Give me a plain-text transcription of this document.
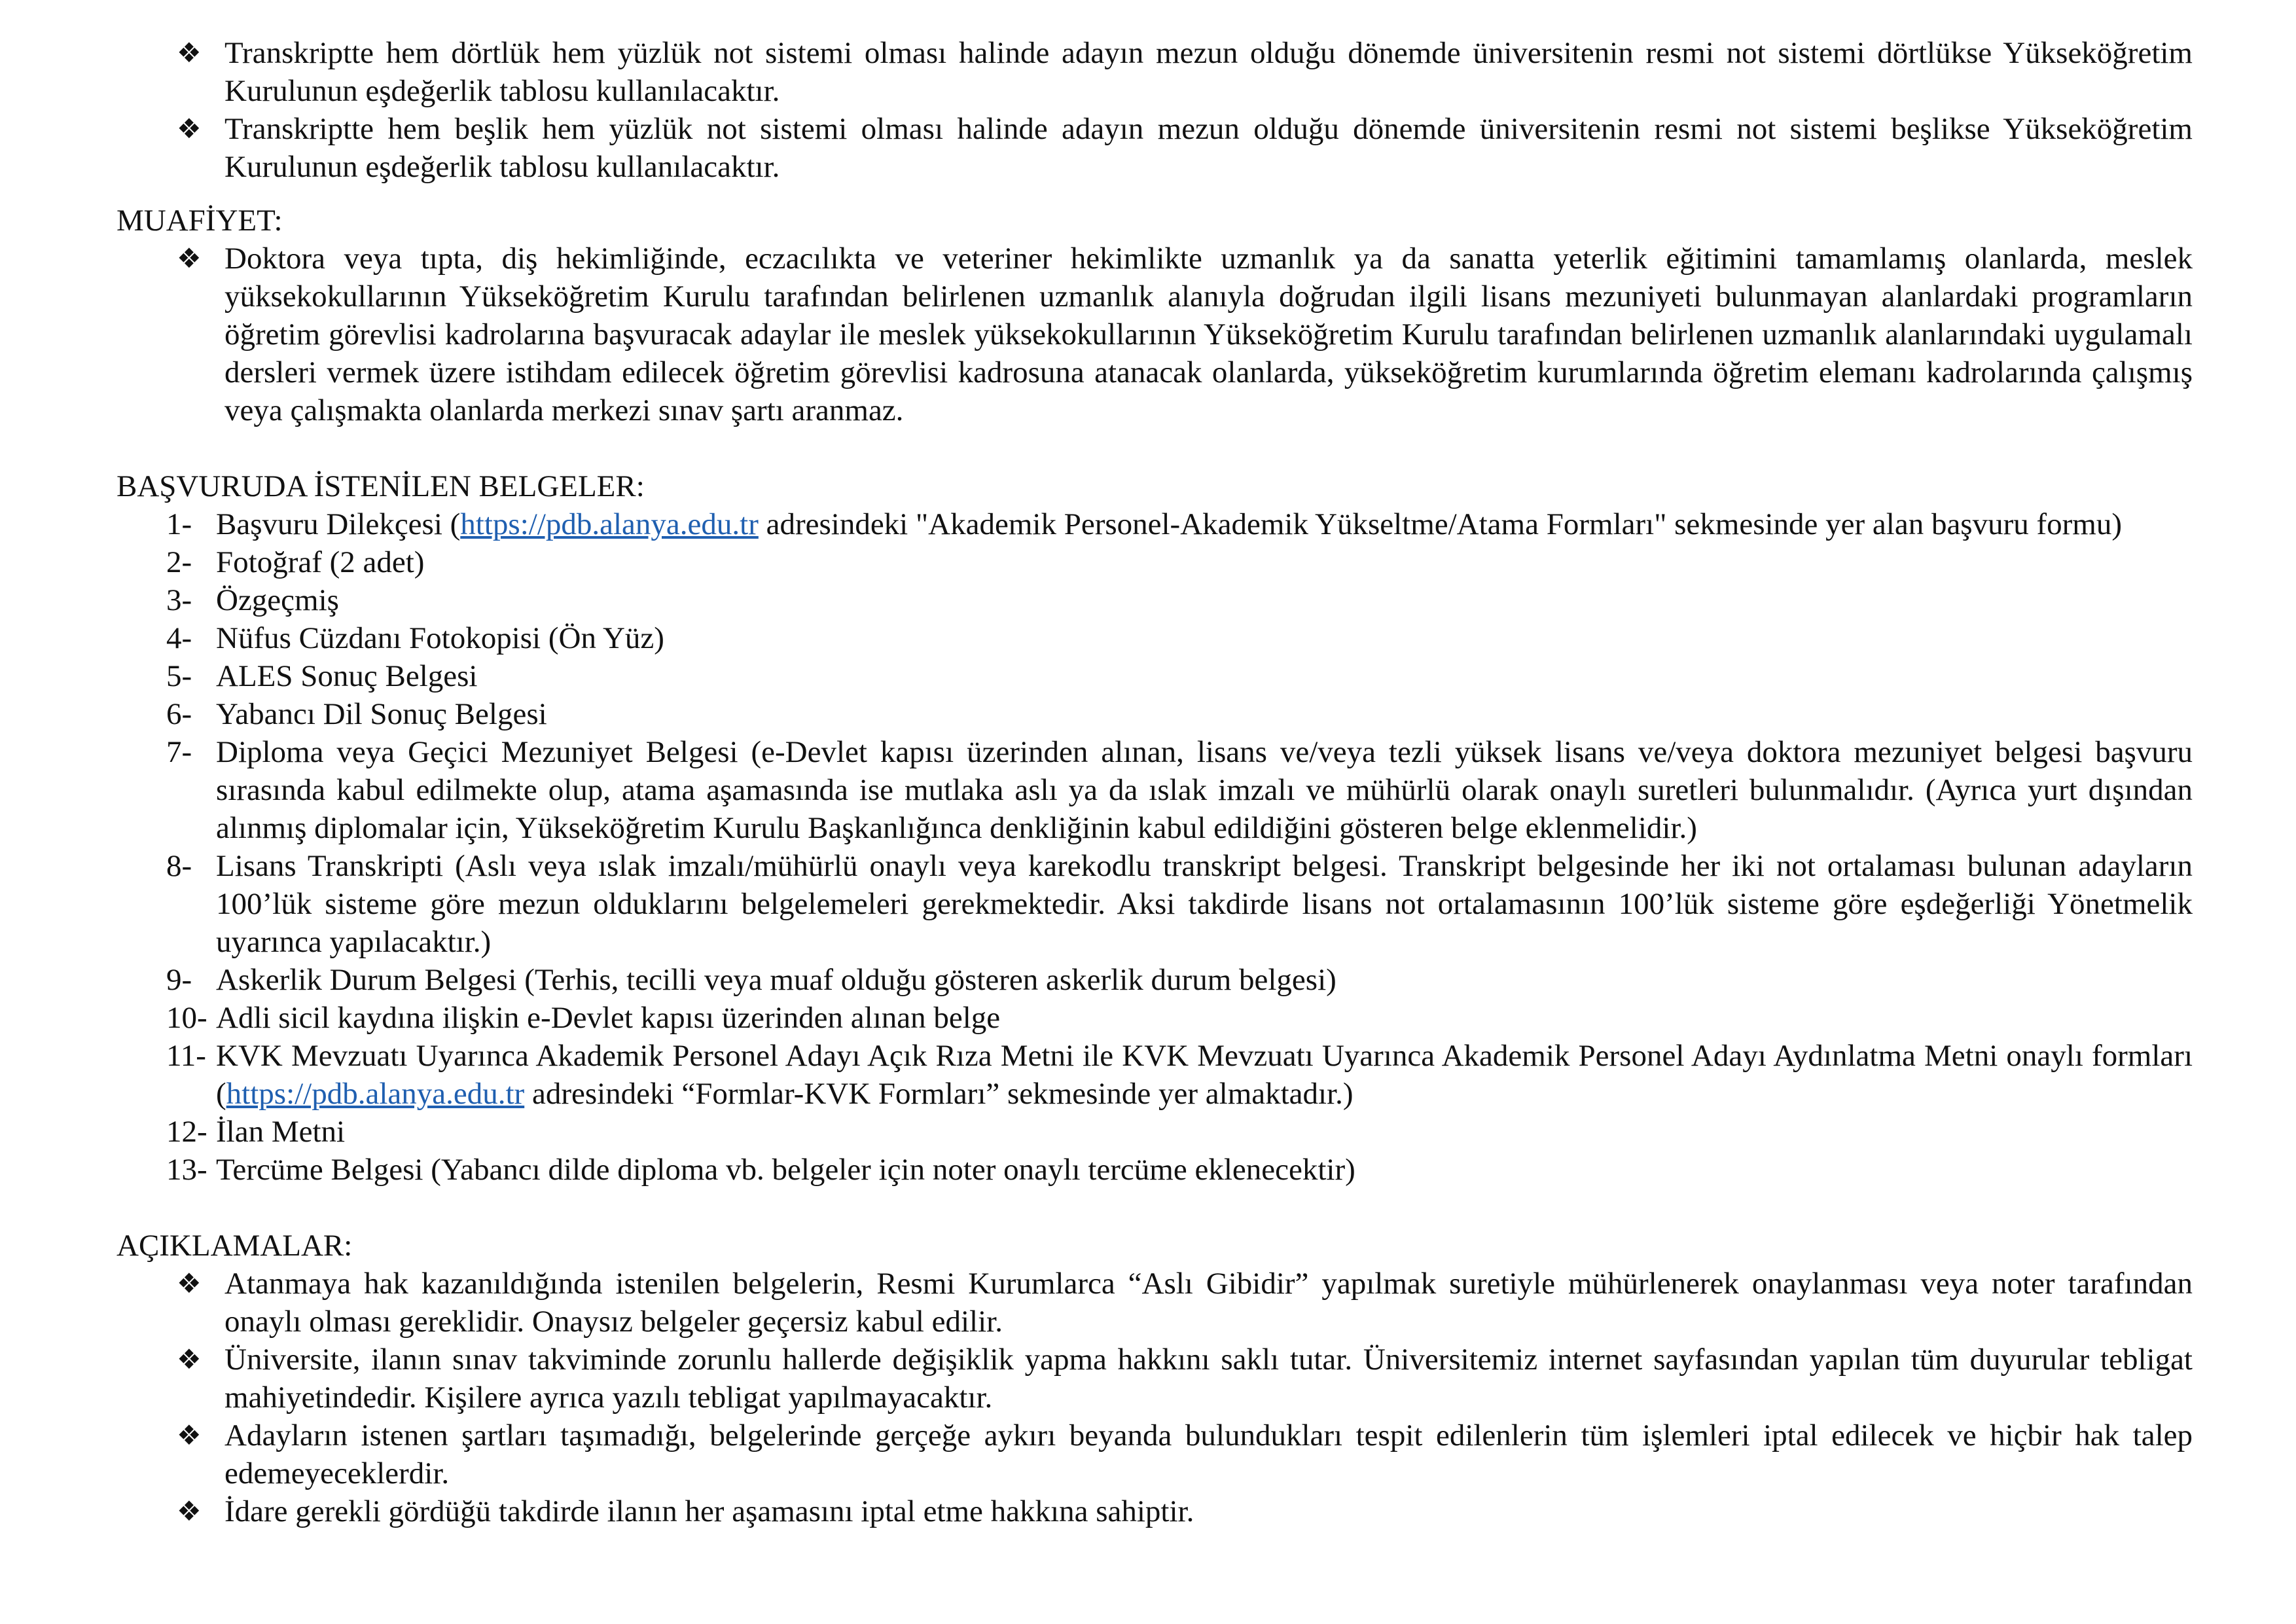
❖ Transkriptte hem dörtlük hem yüzlük not sistemi olması halinde adayın mezun olduğu dönemde üniversitenin resmi not sistemi dörtlükse Yükseköğretim Kurulunun eşdeğerlik tablosu kullanılacaktır.
❖ Transkriptte hem beşlik hem yüzlük not sistemi olması halinde adayın mezun olduğu dönemde üniversitenin resmi not sistemi beşlikse Yükseköğretim Kurulunun eşdeğerlik tablosu kullanılacaktır.
MUAFİYET:
❖ Doktora veya tıpta, diş hekimliğinde, eczacılıkta ve veteriner hekimlikte uzmanlık ya da sanatta yeterlik eğitimini tamamlamış olanlarda, meslek yüksekokullarının Yükseköğretim Kurulu tarafından belirlenen uzmanlık alanıyla doğrudan ilgili lisans mezuniyeti bulunmayan alanlardaki programların öğretim görevlisi kadrolarına başvuracak adaylar ile meslek yüksekokullarının Yükseköğretim Kurulu tarafından belirlenen uzmanlık alanlarındaki uygulamalı dersleri vermek üzere istihdam edilecek öğretim görevlisi kadrosuna atanacak olanlarda, yükseköğretim kurumlarında öğretim elemanı kadrolarında çalışmış veya çalışmakta olanlarda merkezi sınav şartı aranmaz.
BAŞVURUDA İSTENİLEN BELGELER:
1- Başvuru Dilekçesi (https://pdb.alanya.edu.tr adresindeki "Akademik Personel-Akademik Yükseltme/Atama Formları" sekmesinde yer alan başvuru formu)
2- Fotoğraf (2 adet)
3- Özgeçmiş
4- Nüfus Cüzdanı Fotokopisi (Ön Yüz)
5- ALES Sonuç Belgesi
6- Yabancı Dil Sonuç Belgesi
7- Diploma veya Geçici Mezuniyet Belgesi (e-Devlet kapısı üzerinden alınan, lisans ve/veya tezli yüksek lisans ve/veya doktora mezuniyet belgesi başvuru sırasında kabul edilmekte olup, atama aşamasında ise mutlaka aslı ya da ıslak imzalı ve mühürlü olarak onaylı suretleri bulunmalıdır. (Ayrıca yurt dışından alınmış diplomalar için, Yükseköğretim Kurulu Başkanlığınca denkliğinin kabul edildiğini gösteren belge eklenmelidir.)
8- Lisans Transkripti (Aslı veya ıslak imzalı/mühürlü onaylı veya karekodlu transkript belgesi. Transkript belgesinde her iki not ortalaması bulunan adayların 100’lük sisteme göre mezun olduklarını belgelemeleri gerekmektedir. Aksi takdirde lisans not ortalamasının 100’lük sisteme göre eşdeğerliği Yönetmelik uyarınca yapılacaktır.)
9- Askerlik Durum Belgesi (Terhis, tecilli veya muaf olduğu gösteren askerlik durum belgesi)
10- Adli sicil kaydına ilişkin e-Devlet kapısı üzerinden alınan belge
11- KVK Mevzuatı Uyarınca Akademik Personel Adayı Açık Rıza Metni ile KVK Mevzuatı Uyarınca Akademik Personel Adayı Aydınlatma Metni onaylı formları (https://pdb.alanya.edu.tr adresindeki “Formlar-KVK Formları” sekmesinde yer almaktadır.)
12- İlan Metni
13- Tercüme Belgesi (Yabancı dilde diploma vb. belgeler için noter onaylı tercüme eklenecektir)
AÇIKLAMALAR:
❖ Atanmaya hak kazanıldığında istenilen belgelerin, Resmi Kurumlarca “Aslı Gibidir” yapılmak suretiyle mühürlenerek onaylanması veya noter tarafından onaylı olması gereklidir. Onaysız belgeler geçersiz kabul edilir.
❖ Üniversite, ilanın sınav takviminde zorunlu hallerde değişiklik yapma hakkını saklı tutar. Üniversitemiz internet sayfasından yapılan tüm duyurular tebligat mahiyetindedir. Kişilere ayrıca yazılı tebligat yapılmayacaktır.
❖ Adayların istenen şartları taşımadığı, belgelerinde gerçeğe aykırı beyanda bulundukları tespit edilenlerin tüm işlemleri iptal edilecek ve hiçbir hak talep edemeyeceklerdir.
❖ İdare gerekli gördüğü takdirde ilanın her aşamasını iptal etme hakkına sahiptir.
